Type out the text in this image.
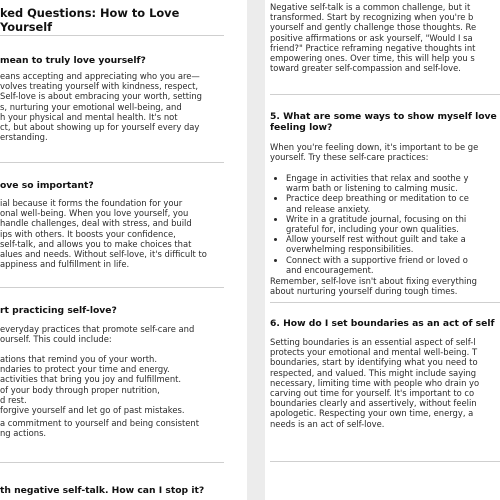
ked Questions: How to Love Yourself
mean to truly love yourself?
eans accepting and appreciating who you are—
volves treating yourself with kindness, respect,
Self-love is about embracing your worth, setting
s, nurturing your emotional well-being, and
h your physical and mental health. It's not
ct, but about showing up for yourself every day
erstanding.
ove so important?
ial because it forms the foundation for your
onal well-being. When you love yourself, you
handle challenges, deal with stress, and build
ips with others. It boosts your confidence,
self-talk, and allows you to make choices that
alues and needs. Without self-love, it's difficult to
appiness and fulfillment in life.
rt practicing self-love?
everyday practices that promote self-care and
ourself. This could include:
ations that remind you of your worth.
ndaries to protect your time and energy.
activities that bring you joy and fulfillment.
of your body through proper nutrition,
d rest.
forgive yourself and let go of past mistakes.
a commitment to yourself and being consistent
ng actions.
th negative self-talk. How can I stop it?
Negative self-talk is a common challenge, but it
transformed. Start by recognizing when you're b
yourself and gently challenge those thoughts. Re
positive affirmations or ask yourself, "Would I sa
friend?" Practice reframing negative thoughts int
empowering ones. Over time, this will help you s
toward greater self-compassion and self-love.
5. What are some ways to show myself love
feeling low?
When you're feeling down, it's important to be ge
yourself. Try these self-care practices:
• Engage in activities that relax and soothe y
warm bath or listening to calming music.
• Practice deep breathing or meditation to ce
and release anxiety.
• Write in a gratitude journal, focusing on thi
grateful for, including your own qualities.
• Allow yourself rest without guilt and take a
overwhelming responsibilities.
• Connect with a supportive friend or loved o
and encouragement.
Remember, self-love isn't about fixing everything
about nurturing yourself during tough times.
6. How do I set boundaries as an act of self
Setting boundaries is an essential aspect of self-l
protects your emotional and mental well-being. T
boundaries, start by identifying what you need to
respected, and valued. This might include saying
necessary, limiting time with people who drain yo
carving out time for yourself. It's important to co
boundaries clearly and assertively, without feelin
apologetic. Respecting your own time, energy, a
needs is an act of self-love.
